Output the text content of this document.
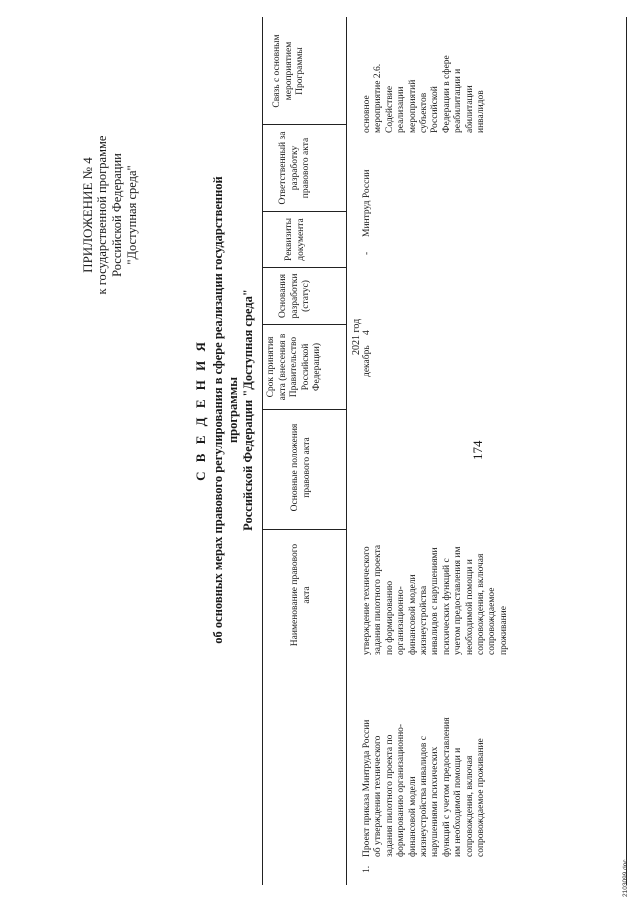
174
ПРИЛОЖЕНИЕ № 4 к государственной программе Российской Федерации "Доступная среда"
С В Е Д Е Н И Я об основных мерах правового регулирования в сфере реализации государственной программы Российской Федерации "Доступная среда"
Наименование правового акта
Основные положения правового акта
Срок принятия акта (внесения в Правительство Российской Федерации)
Основания разработки (статус)
Реквизиты документа
Ответственный за разработку правового акта
Связь с основным мероприятием Программы
2021 год
1.
Проект приказа Минтруда России об утверждении технического задания пилотного проекта по формированию организационно- финансовой модели жизнеустройства инвалидов с нарушениями психических функций с учетом предоставления им необходимой помощи и сопровождения, включая сопровождаемое проживание
утверждение технического задания пилотного проекта по формированию организационно- финансовой модели жизнеустройства инвалидов с нарушениями психических функций с учетом предоставления им необходимой помощи и сопровождения, включая сопровождаемое проживание
декабрь
4
-
Минтруд России
основное мероприятие 2.6. Содействие реализации мероприятий субъектов Российской Федерации в сфере реабилитации и абилитации инвалидов
2103099.doc
